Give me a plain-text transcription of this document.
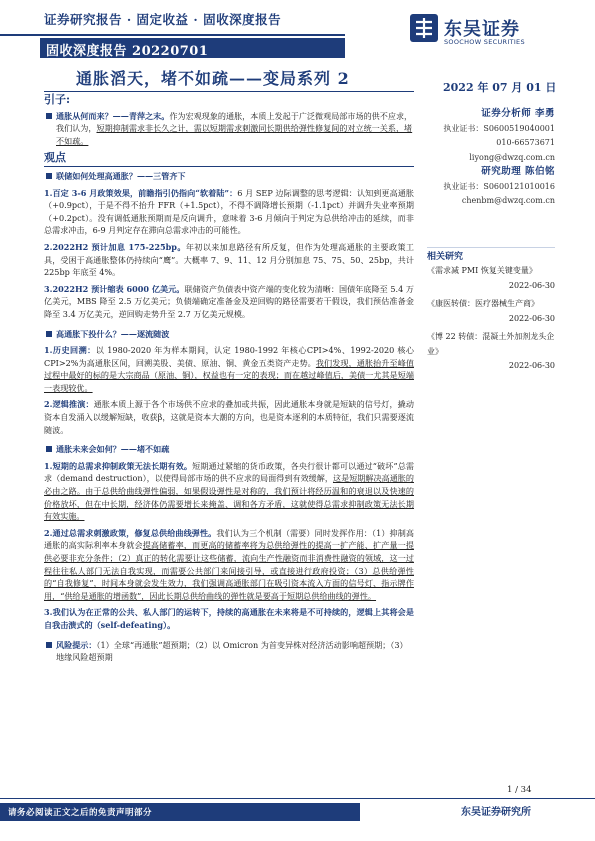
证券研究报告 · 固定收益 · 固收深度报告
固收深度报告 20220701
东吴证券
SOOCHOW SECURITIES
通胀滔天，堵不如疏——变局系列 2	2022 年 07 月 01 日
引子:
通胀从何而来？——青萍之末。作为宏观现象的通胀，本质上发起于广泛微观局部市场的供不应求，我们认为，短期抑制需求非长久之计，需以短期需求刺激同长期供给弹性修复间的对立统一关系，堵不如疏。
观点
联储如何处理高通胀？——三管齐下
1.百定 3-6 月政策效果，前瞻指引仍指向“软着陆”：6 月 SEP 边际调整的思考逻辑：认知到更高通胀（+0.9pct），于是不得不抬升 FFR（+1.5pct），不得不调降增长预期（-1.1pct）并调升失业率预期（+0.2pct）。没有调低通胀预期而是反向调升，意味着 3-6 月倾向于判定为总供给冲击的延续，而非总需求冲击，6-9 月判定存在滞向总需求冲击的可能性。
2.2022H2 预计加息 175-225bp。年初以来加息路径有所反复，但作为处理高通胀的主要政策工具，受困于高通胀整体仍持续向“鹰”。大概率 7、9、11、12 月分别加息 75、75、50、25bp，共计 225bp 年底至 4%。
3.2022H2 预计缩表 6000 亿美元。联储资产负债表中资产端的变化较为清晰：国债年底降至 5.4 万亿美元，MBS 降至 2.5 万亿美元；负债端确定准备金及逆回购的路径需要若干假设，我们预估准备金降至 3.4 万亿美元，逆回购走势升至 2.7 万亿美元规模。
高通胀下投什么？——逐流随波
1.历史回溯：以 1980-2020 年为样本期间，认定 1980-1992 年核心CPI>4%、1992-2020 核心 CPI>2%为高通胀区间，回溯美股、美债、原油、铜、黄金五类资产走势。我们发现，通胀抬升至峰值过程中最好的标的是大宗商品（原油、铜），权益也有一定的表现；而在越过峰值后，美债一尤其是短端一表现较优。
2.逻辑推演：通胀本质上源于各个市场供不应求的叠加或共振，因此通胀本身就是短缺的信号灯，撬动资本自发涌入以缓解短缺，收获β，这就是资本大潮的方向，也是资本逐利的本质特征，我们只需要逐流随波。
通胀未来会如何？——堵不如疏
1.短期的总需求抑制政策无法长期有效。短期通过紧缩的货币政策，各央行很计都可以通过“破坏”总需求（demand destruction），以使得局部市场的供不应求的局面得到有效缓解，这是短期解决高通胀的必由之路。由于总供给曲线弹性偏弱，如果假设弹性是对称的，我们预计将经历温和的衰退以及快速的价格放坏，但在中长期，经济体仍需要增长来掩盖、调和各方矛盾，这就使得总需求抑制政策无法长期有效实施。
2.通过总需求刺激政策，修复总供给曲线弹性。我们认为三个机制（需要）同时发挥作用：（1）抑制高通胀的高实际利率本身就会提高储蓄率，而更高的储蓄率将为总供给弹性的提高一扩产能、扩产量一提供必要非充分条件；（2）真正的转化需要让这些储蓄，流向生产性融资而非消费性融资的领域，这一过程往往私人部门无法自我实现，而需要公共部门来间接引导，或直接进行政府投资；（3）总供给弹性的“自我修复”，时间本身就会发生效力，我们强调高通胀部门在吸引资本流入方面的信号灯、指示牌作用，“供给是通胀的增函数”，因此长期总供给曲线的弹性就是要高于短期总供给曲线的弹性。
3.我们认为在正常的公共、私人部门的运转下，持续的高通胀在未来将是不可持续的，逻辑上其将会是自我击溃式的（self-defeating）。
风险提示：（1）全球“再通胀”超预期；（2）以 Omicron 为首变异株对经济活动影响超预期；（3）地缘风险超预期
证券分析师 李勇
执业证书：S0600519040001
010-66573671
liyong@dwzq.com.cn
研究助理 陈伯铭
执业证书：S0600121010016
chenbm@dwzq.com.cn
相关研究
《需求减 PMI 恢复关键变量》
2022-06-30
《康医转债：医疗器械生产商》
2022-06-30
《博 22 转债：混凝土外加剂龙头企业》
2022-06-30
1 / 34
请务必阅读正文之后的免责声明部分	东吴证券研究所
